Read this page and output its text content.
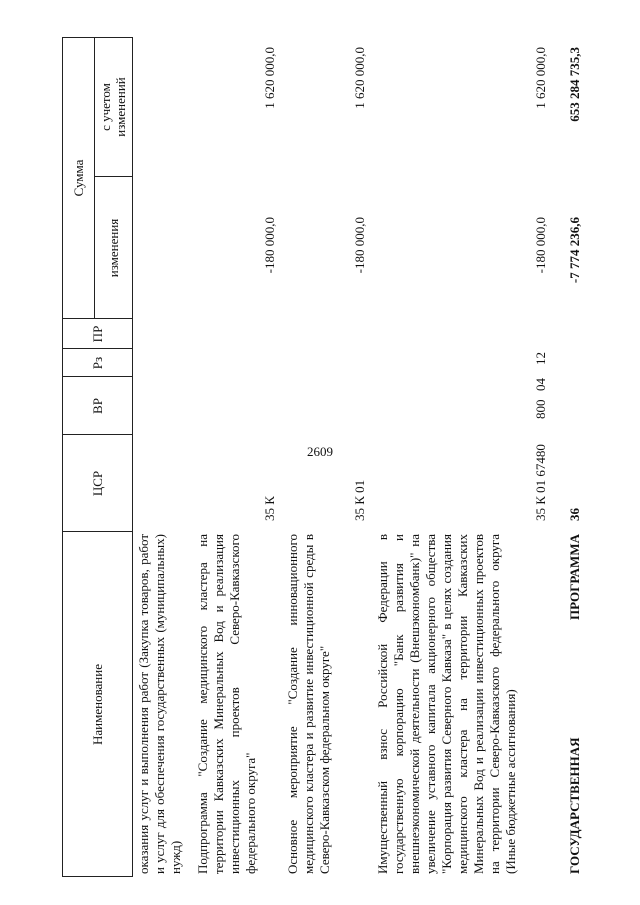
2609
Наименование
ЦСР
ВР
Рз
ПР
Сумма
изменения
с учетом изменений
оказания услуг и выполнения работ (Закупка товаров, работ и услуг для обеспечения государственных (муниципальных) нужд) Подпрограмма "Создание медицинского кластера на территории Кавказских Минеральных Вод и реализация инвестиционных проектов Северо-Кавказского федерального округа"
35 К
-180 000,0
1 620 000,0
Основное мероприятие "Создание инновационного медицинского кластера и развитие инвестиционной среды в Северо-Кавказском федеральном округе"
35 К 01
-180 000,0
1 620 000,0
Имущественный взнос Российской Федерации в государственную корпорацию "Банк развития и внешнеэкономической деятельности (Внешэкономбанк)" на увеличение уставного капитала акционерного общества "Корпорация развития Северного Кавказа" в целях создания медицинского кластера на территории Кавказских Минеральных Вод и реализации инвестиционных проектов на территории Северо-Кавказского федерального округа (Иные бюджетные ассигнования)
35 К 01 67480
800
04
12
-180 000,0
1 620 000,0
ГОСУДАРСТВЕННАЯ
ПРОГРАММА
36
-7 774 236,6
653 284 735,3
